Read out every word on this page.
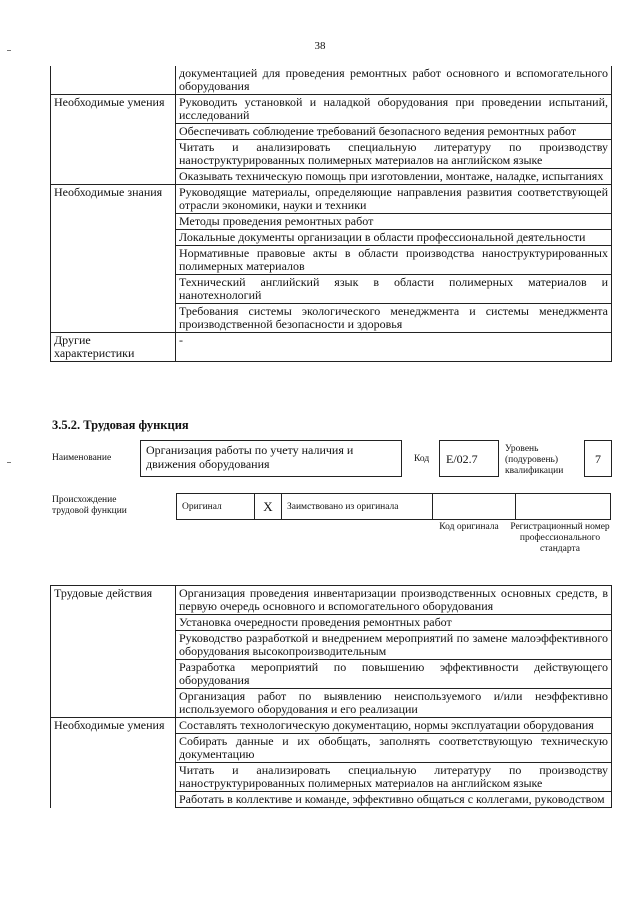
38
	документацией для проведения ремонтных работ основного и вспомогательного оборудования
Необходимые умения	Руководить установкой и наладкой оборудования при проведении испытаний, исследований
	Обеспечивать соблюдение требований безопасного ведения ремонтных работ
	Читать и анализировать специальную литературу по производству наноструктурированных полимерных материалов на английском языке
	Оказывать техническую помощь при изготовлении, монтаже, наладке, испытаниях
Необходимые знания	Руководящие материалы, определяющие направления развития соответствующей отрасли экономики, науки и техники
	Методы проведения ремонтных работ
	Локальные документы организации в области профессиональной деятельности
	Нормативные правовые акты в области производства наноструктурированных полимерных материалов
	Технический английский язык в области полимерных материалов и нанотехнологий
	Требования системы экологического менеджмента и системы менеджмента производственной безопасности и здоровья
Другие характеристики	-
3.5.2. Трудовая функция
Наименование
Организация работы по учету наличия и движения оборудования	Код	E/02.7
Уровень (подуровень) квалификации
7
Происхождение трудовой функции	Оригинал	X	Заимствовано из оригинала		
Код оригинала	Регистрационный номер профессионального стандарта
Трудовые действия	Организация проведения инвентаризации производственных основных средств, в первую очередь основного и вспомогательного оборудования
	Установка очередности проведения ремонтных работ
	Руководство разработкой и внедрением мероприятий по замене малоэффективного оборудования высокопроизводительным
	Разработка мероприятий по повышению эффективности действующего оборудования
	Организация работ по выявлению неиспользуемого и/или неэффективно используемого оборудования и его реализации
Необходимые умения	Составлять технологическую документацию, нормы эксплуатации оборудования
	Собирать данные и их обобщать, заполнять соответствующую техническую документацию
	Читать и анализировать специальную литературу по производству наноструктурированных полимерных материалов на английском языке
	Работать в коллективе и команде, эффективно общаться с коллегами, руководством
